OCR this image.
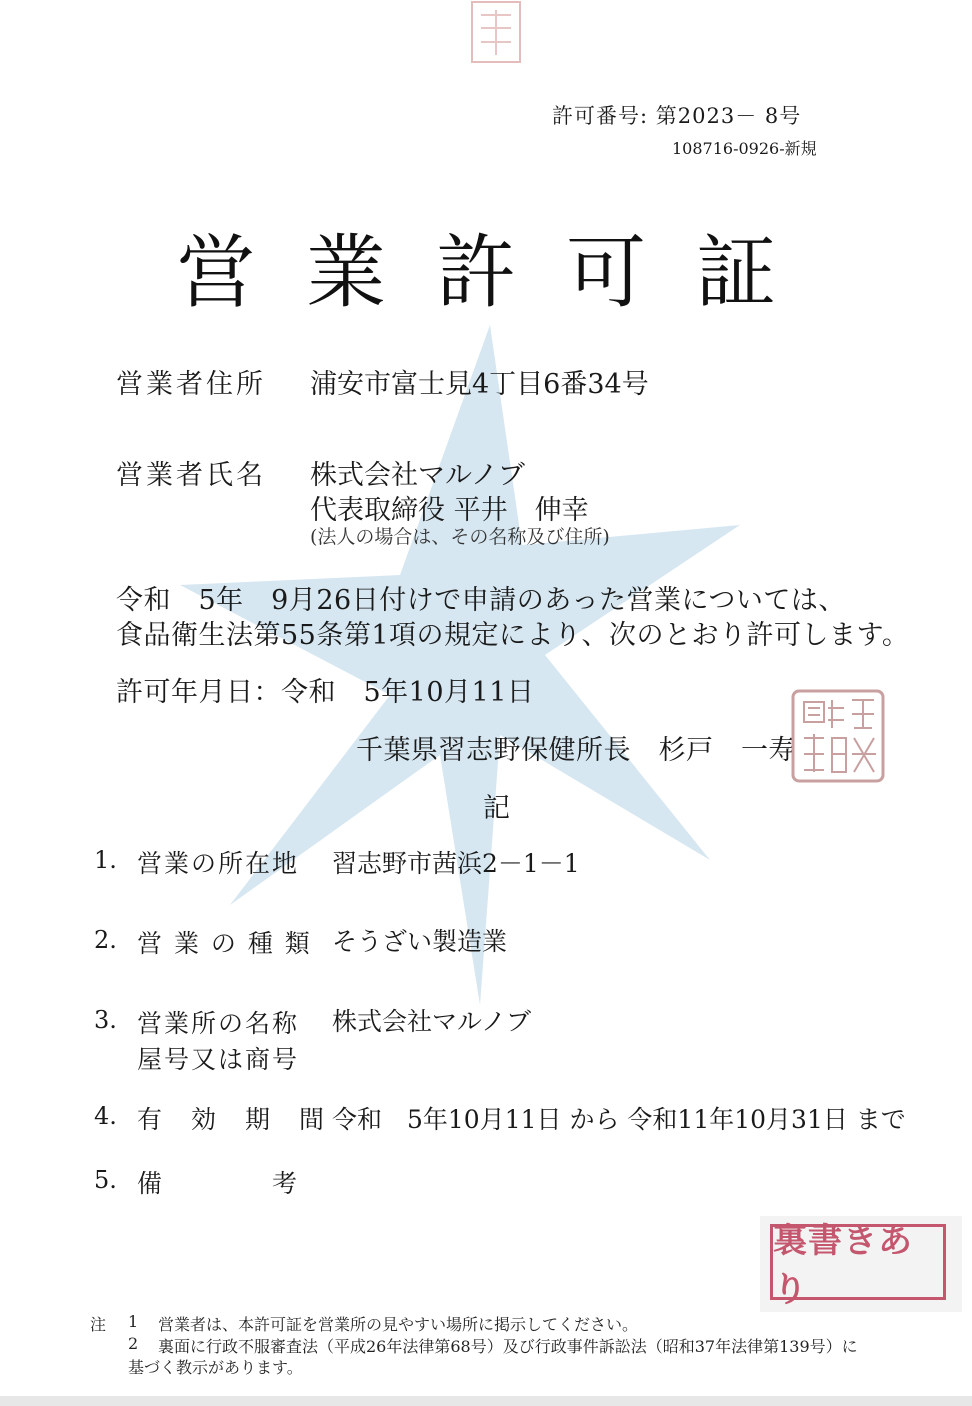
許可番号: 第2023－ 8号
108716-0926-新規
営業許可証
営業者住所 浦安市富士見4丁目6番34号
営業者氏名 株式会社マルノブ
代表取締役 平井　伸幸
(法人の場合は、その名称及び住所)
令和　5年　9月26日付けで申請のあった営業については、
食品衛生法第55条第1項の規定により、次のとおり許可します。
許可年月日：令和　5年10月11日
千葉県習志野保健所長　杉戸　一寿
記
1. 営業の所在地 習志野市茜浜2－1－1
2. 営 業 の 種 類 そうざい製造業
3. 営業所の名称
屋号又は商号
株式会社マルノブ
4. 有　効　期　間 令和　5年10月11日 から 令和11年10月31日 まで
5. 備　　　　考
裏書きあり
注 1 営業者は、本許可証を営業所の見やすい場所に掲示してください。
2 裏面に行政不服審査法（平成26年法律第68号）及び行政事件訴訟法（昭和37年法律第139号）に
基づく教示があります。
